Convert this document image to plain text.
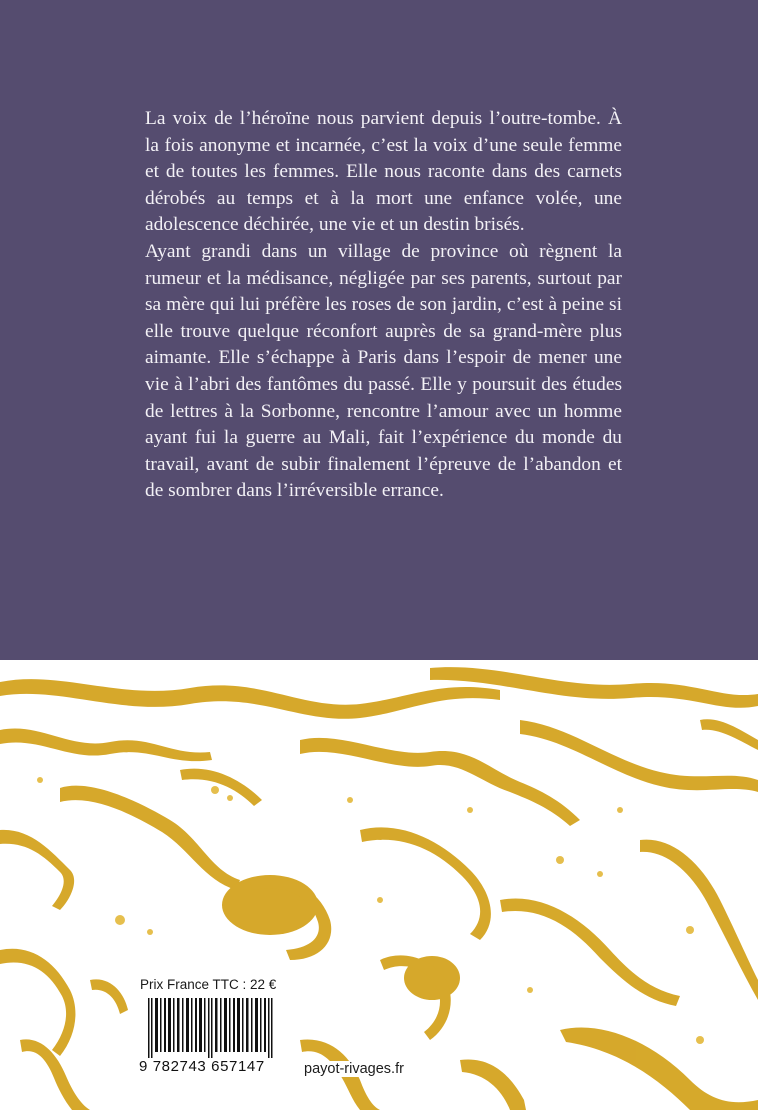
La voix de l’héroïne nous parvient depuis l’outre-tombe. À la fois anonyme et incarnée, c’est la voix d’une seule femme et de toutes les femmes. Elle nous raconte dans des carnets dérobés au temps et à la mort une enfance volée, une adolescence déchirée, une vie et un destin brisés.

Ayant grandi dans un village de province où règnent la rumeur et la médisance, négligée par ses parents, surtout par sa mère qui lui préfère les roses de son jardin, c’est à peine si elle trouve quelque réconfort auprès de sa grand-mère plus aimante. Elle s’échappe à Paris dans l’espoir de mener une vie à l’abri des fantômes du passé. Elle y poursuit des études de lettres à la Sorbonne, rencontre l’amour avec un homme ayant fui la guerre au Mali, fait l’expérience du monde du travail, avant de subir finalement l’épreuve de l’abandon et de sombrer dans l’irréversible errance.

Prix France TTC : 22 €
9 782743 657147	payot-rivages.fr
